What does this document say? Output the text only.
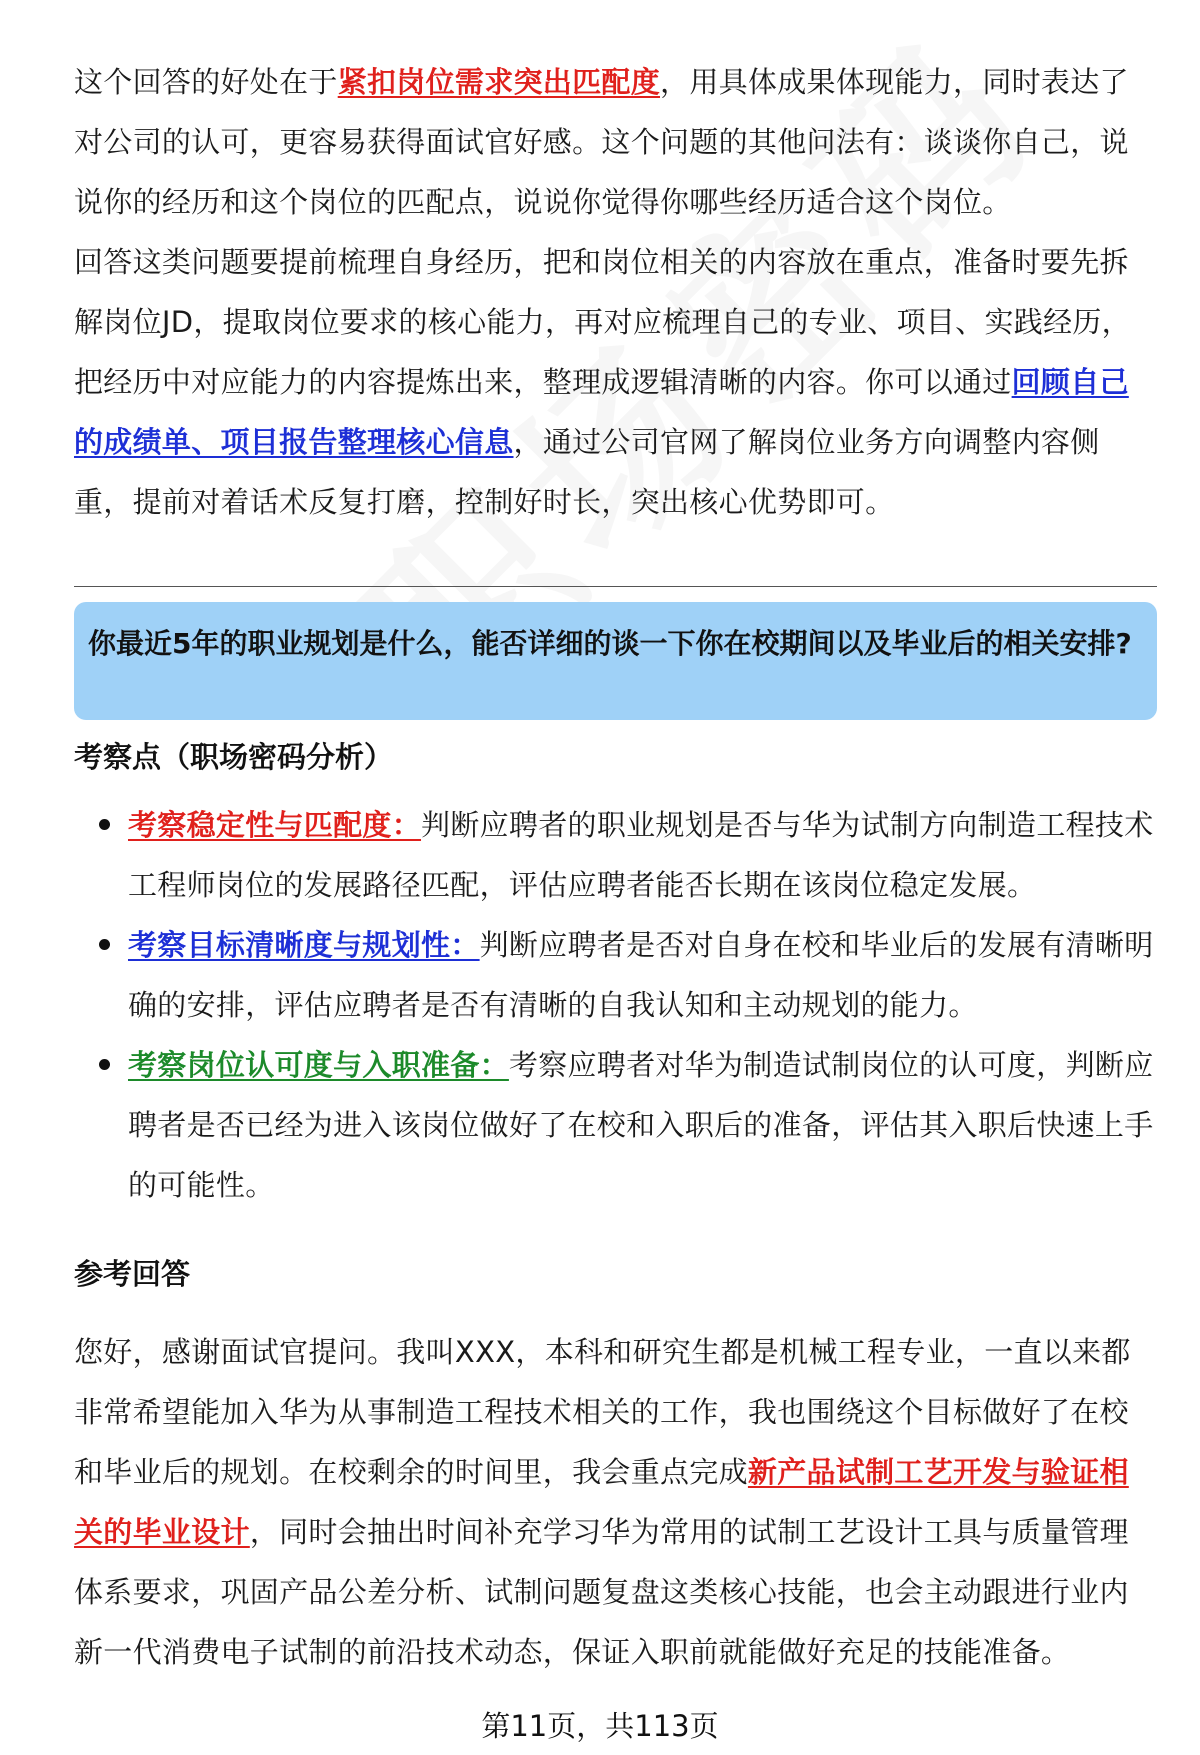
这个回答的好处在于紧扣岗位需求突出匹配度，用具体成果体现能力，同时表达了对公司的认可，更容易获得面试官好感。这个问题的其他问法有：谈谈你自己，说说你的经历和这个岗位的匹配点，说说你觉得你哪些经历适合这个岗位。

回答这类问题要提前梳理自身经历，把和岗位相关的内容放在重点，准备时要先拆解岗位JD，提取岗位要求的核心能力，再对应梳理自己的专业、项目、实践经历，把经历中对应能力的内容提炼出来，整理成逻辑清晰的内容。你可以通过回顾自己的成绩单、项目报告整理核心信息，通过公司官网了解岗位业务方向调整内容侧重，提前对着话术反复打磨，控制好时长，突出核心优势即可。

你最近5年的职业规划是什么，能否详细的谈一下你在校期间以及毕业后的相关安排?
考察点（职场密码分析）
考察稳定性与匹配度：判断应聘者的职业规划是否与华为试制方向制造工程技术工程师岗位的发展路径匹配，评估应聘者能否长期在该岗位稳定发展。
考察目标清晰度与规划性：判断应聘者是否对自身在校和毕业后的发展有清晰明确的安排，评估应聘者是否有清晰的自我认知和主动规划的能力。
考察岗位认可度与入职准备：考察应聘者对华为制造试制岗位的认可度，判断应聘者是否已经为进入该岗位做好了在校和入职后的准备，评估其入职后快速上手的可能性。
参考回答

您好，感谢面试官提问。我叫XXX，本科和研究生都是机械工程专业，一直以来都非常希望能加入华为从事制造工程技术相关的工作，我也围绕这个目标做好了在校和毕业后的规划。在校剩余的时间里，我会重点完成新产品试制工艺开发与验证相关的毕业设计，同时会抽出时间补充学习华为常用的试制工艺设计工具与质量管理体系要求，巩固产品公差分析、试制问题复盘这类核心技能，也会主动跟进行业内新一代消费电子试制的前沿技术动态，保证入职前就能做好充足的技能准备。

第11页，共113页
